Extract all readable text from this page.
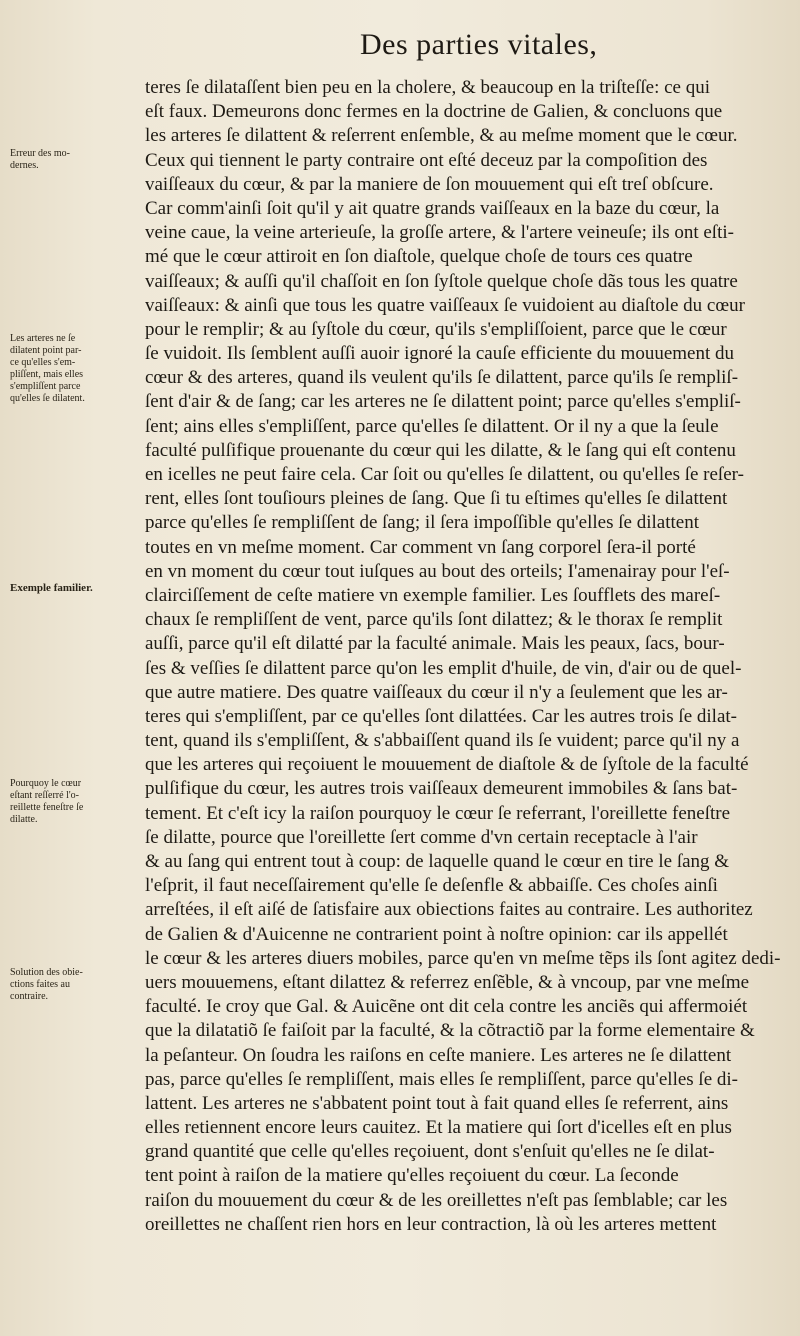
Des parties vitales,
teres ſe dilataſſent bien peu en la cholere, & beaucoup en la triſteſſe: ce qui
eſt faux. Demeurons donc fermes en la doctrine de Galien, & concluons que
les arteres ſe dilattent & reſerrent enſemble, & au meſme moment que le cœur.
Ceux qui tiennent le party contraire ont eſté deceuz par la compoſition des
vaiſſeaux du cœur, & par la maniere de ſon mouuement qui eſt treſ obſcure.
Car comm'ainſi ſoit qu'il y ait quatre grands vaiſſeaux en la baze du cœur, la
veine caue, la veine arterieuſe, la groſſe artere, & l'artere veineuſe; ils ont eſti-
mé que le cœur attiroit en ſon diaſtole, quelque choſe de tours ces quatre
vaiſſeaux; & auſſi qu'il chaſſoit en ſon ſyſtole quelque choſe dãs tous les quatre
vaiſſeaux: & ainſi que tous les quatre vaiſſeaux ſe vuidoient au diaſtole du cœur
pour le remplir; & au ſyſtole du cœur, qu'ils s'empliſſoient, parce que le cœur
ſe vuidoit. Ils ſemblent auſſi auoir ignoré la cauſe efficiente du mouuement du
cœur & des arteres, quand ils veulent qu'ils ſe dilattent, parce qu'ils ſe rempliſ-
ſent d'air & de ſang; car les arteres ne ſe dilattent point; parce qu'elles s'empliſ-
ſent; ains elles s'empliſſent, parce qu'elles ſe dilattent. Or il ny a que la ſeule
faculté pulſifique prouenante du cœur qui les dilatte, & le ſang qui eſt contenu
en icelles ne peut faire cela. Car ſoit ou qu'elles ſe dilattent, ou qu'elles ſe reſer-
rent, elles ſont touſiours pleines de ſang. Que ſi tu eſtimes qu'elles ſe dilattent
parce qu'elles ſe rempliſſent de ſang; il ſera impoſſible qu'elles ſe dilattent
toutes en vn meſme moment. Car comment vn ſang corporel ſera-il porté
en vn moment du cœur tout iuſques au bout des orteils; I'amenairay pour l'eſ-
clairciſſement de ceſte matiere vn exemple familier. Les ſoufflets des mareſ-
chaux ſe rempliſſent de vent, parce qu'ils ſont dilattez; & le thorax ſe remplit
auſſi, parce qu'il eſt dilatté par la faculté animale. Mais les peaux, ſacs, bour-
ſes & veſſies ſe dilattent parce qu'on les emplit d'huile, de vin, d'air ou de quel-
que autre matiere. Des quatre vaiſſeaux du cœur il n'y a ſeulement que les ar-
teres qui s'empliſſent, par ce qu'elles ſont dilattées. Car les autres trois ſe dilat-
tent, quand ils s'empliſſent, & s'abbaiſſent quand ils ſe vuident; parce qu'il ny a
que les arteres qui reçoiuent le mouuement de diaſtole & de ſyſtole de la faculté
pulſifique du cœur, les autres trois vaiſſeaux demeurent immobiles & ſans bat-
tement. Et c'eſt icy la raiſon pourquoy le cœur ſe referrant, l'oreillette feneſtre
ſe dilatte, pource que l'oreillette ſert comme d'vn certain receptacle à l'air
& au ſang qui entrent tout à coup: de laquelle quand le cœur en tire le ſang &
l'eſprit, il faut neceſſairement qu'elle ſe deſenfle & abbaiſſe. Ces choſes ainſi
arreſtées, il eſt aiſé de ſatisfaire aux obiections faites au contraire. Les authoritez
de Galien & d'Auicenne ne contrarient point à noſtre opinion: car ils appellét
le cœur & les arteres diuers mobiles, parce qu'en vn meſme tẽps ils ſont agitez dedi-
uers mouuemens, eſtant dilattez & referrez enſẽble, & à vncoup, par vne meſme
faculté. Ie croy que Gal. & Auicẽne ont dit cela contre les anciẽs qui affermoiét
que la dilatatiõ ſe faiſoit par la faculté, & la cõtractiõ par la forme elementaire &
la peſanteur. On ſoudra les raiſons en ceſte maniere. Les arteres ne ſe dilattent
pas, parce qu'elles ſe rempliſſent, mais elles ſe rempliſſent, parce qu'elles ſe di-
lattent. Les arteres ne s'abbatent point tout à fait quand elles ſe referrent, ains
elles retiennent encore leurs cauitez. Et la matiere qui ſort d'icelles eſt en plus
grand quantité que celle qu'elles reçoiuent, dont s'enſuit qu'elles ne ſe dilat-
tent point à raiſon de la matiere qu'elles reçoiuent du cœur. La ſeconde
raiſon du mouuement du cœur & de les oreillettes n'eſt pas ſemblable; car les
oreillettes ne chaſſent rien hors en leur contraction, là où les arteres mettent
Erreur des mo-
dernes.
Les arteres ne ſe
dilatent point par-
ce qu'elles s'em-
pliſſent, mais elles
s'empliſſent parce
qu'elles ſe dilatent.
Exemple familier.
Pourquoy le cœur
eſtant reſſerré l'o-
reillette feneſtre ſe
dilatte.
Solution des obie-
ctions faites au
contraire.
